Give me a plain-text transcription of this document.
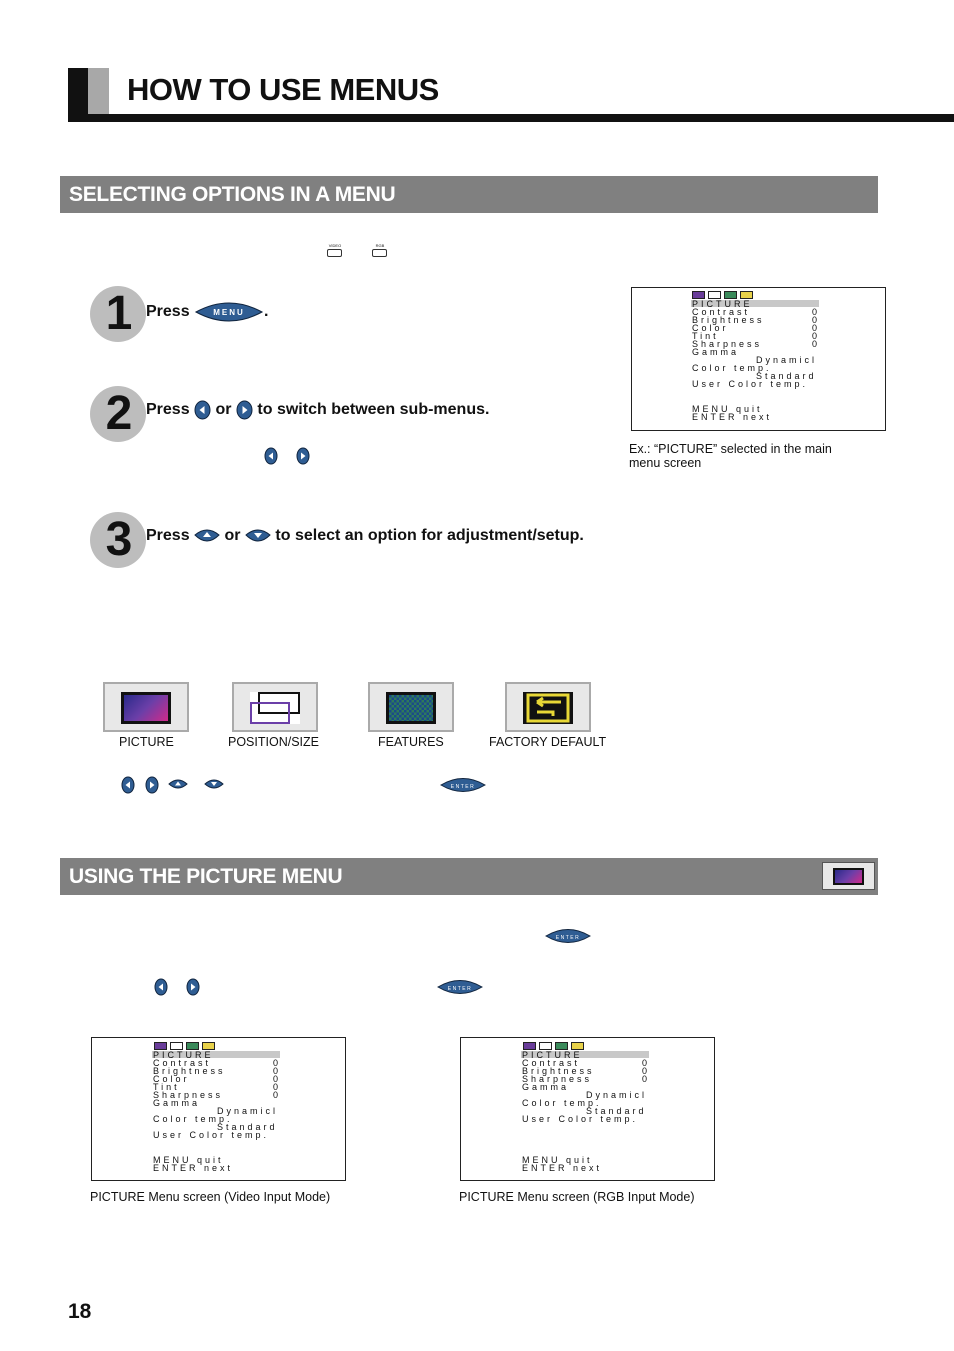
HOW TO USE MENUS
SELECTING OPTIONS IN A MENU
VIDEO	RGB
1 Press	MENU .
2 Press or to switch between sub-menus.
3 Press or to select an option for adjustment/setup.
PICTURE
Contrast	0
Brightness	0
Color	0
Tint	0
Sharpness	0
Gamma
Dynamicl
Color temp.
Standard
User Color temp.
MENU quit
ENTER next
Ex.: “PICTURE” selected in the main
menu screen
PICTURE	POSITION/SIZE	FEATURES	FACTORY DEFAULT
ENTER
USING THE PICTURE MENU
ENTER
ENTER
PICTURE
Contrast	0
Brightness	0
Color	0
Tint	0
Sharpness	0
Gamma
Dynamicl
Color temp.
Standard
User Color temp.
MENU quit
ENTER next
PICTURE Menu screen (Video Input Mode)
PICTURE
Contrast	0
Brightness	0
Sharpness	0
Gamma
Dynamicl
Color temp.
Standard
User Color temp.
MENU quit
ENTER next
PICTURE Menu screen (RGB Input Mode)
18
